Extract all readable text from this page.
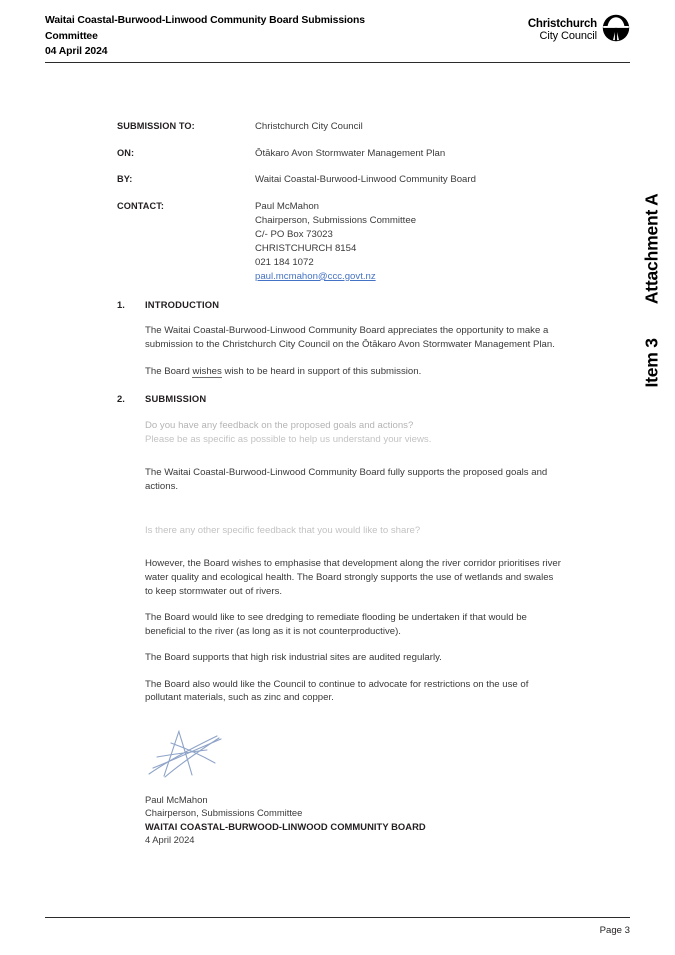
Waitai Coastal-Burwood-Linwood Community Board Submissions
Committee
04 April 2024
Christchurch
City Council
Attachment A
Item 3
SUBMISSION TO:	Christchurch City Council
ON:	Ōtākaro Avon Stormwater Management Plan
BY:	Waitai Coastal-Burwood-Linwood Community Board
CONTACT:	Paul McMahon
Chairperson, Submissions Committee
C/- PO Box 73023
CHRISTCHURCH 8154
021 184 1072
paul.mcmahon@ccc.govt.nz
1.	INTRODUCTION

The Waitai Coastal-Burwood-Linwood Community Board appreciates the opportunity to make a submission to the Christchurch City Council on the Ōtākaro Avon Stormwater Management Plan.

The Board wishes wish to be heard in support of this submission.

2.	SUBMISSION

Do you have any feedback on the proposed goals and actions?

Please be as specific as possible to help us understand your views.

The Waitai Coastal-Burwood-Linwood Community Board fully supports the proposed goals and actions.

Is there any other specific feedback that you would like to share?

However, the Board wishes to emphasise that development along the river corridor prioritises river water quality and ecological health. The Board strongly supports the use of wetlands and swales to keep stormwater out of rivers.

The Board would like to see dredging to remediate flooding be undertaken if that would be beneficial to the river (as long as it is not counterproductive).

The Board supports that high risk industrial sites are audited regularly.

The Board also would like the Council to continue to advocate for restrictions on the use of pollutant materials, such as zinc and copper.

Paul McMahon
Chairperson, Submissions Committee
WAITAI COASTAL-BURWOOD-LINWOOD COMMUNITY BOARD
4 April 2024
Page 3
